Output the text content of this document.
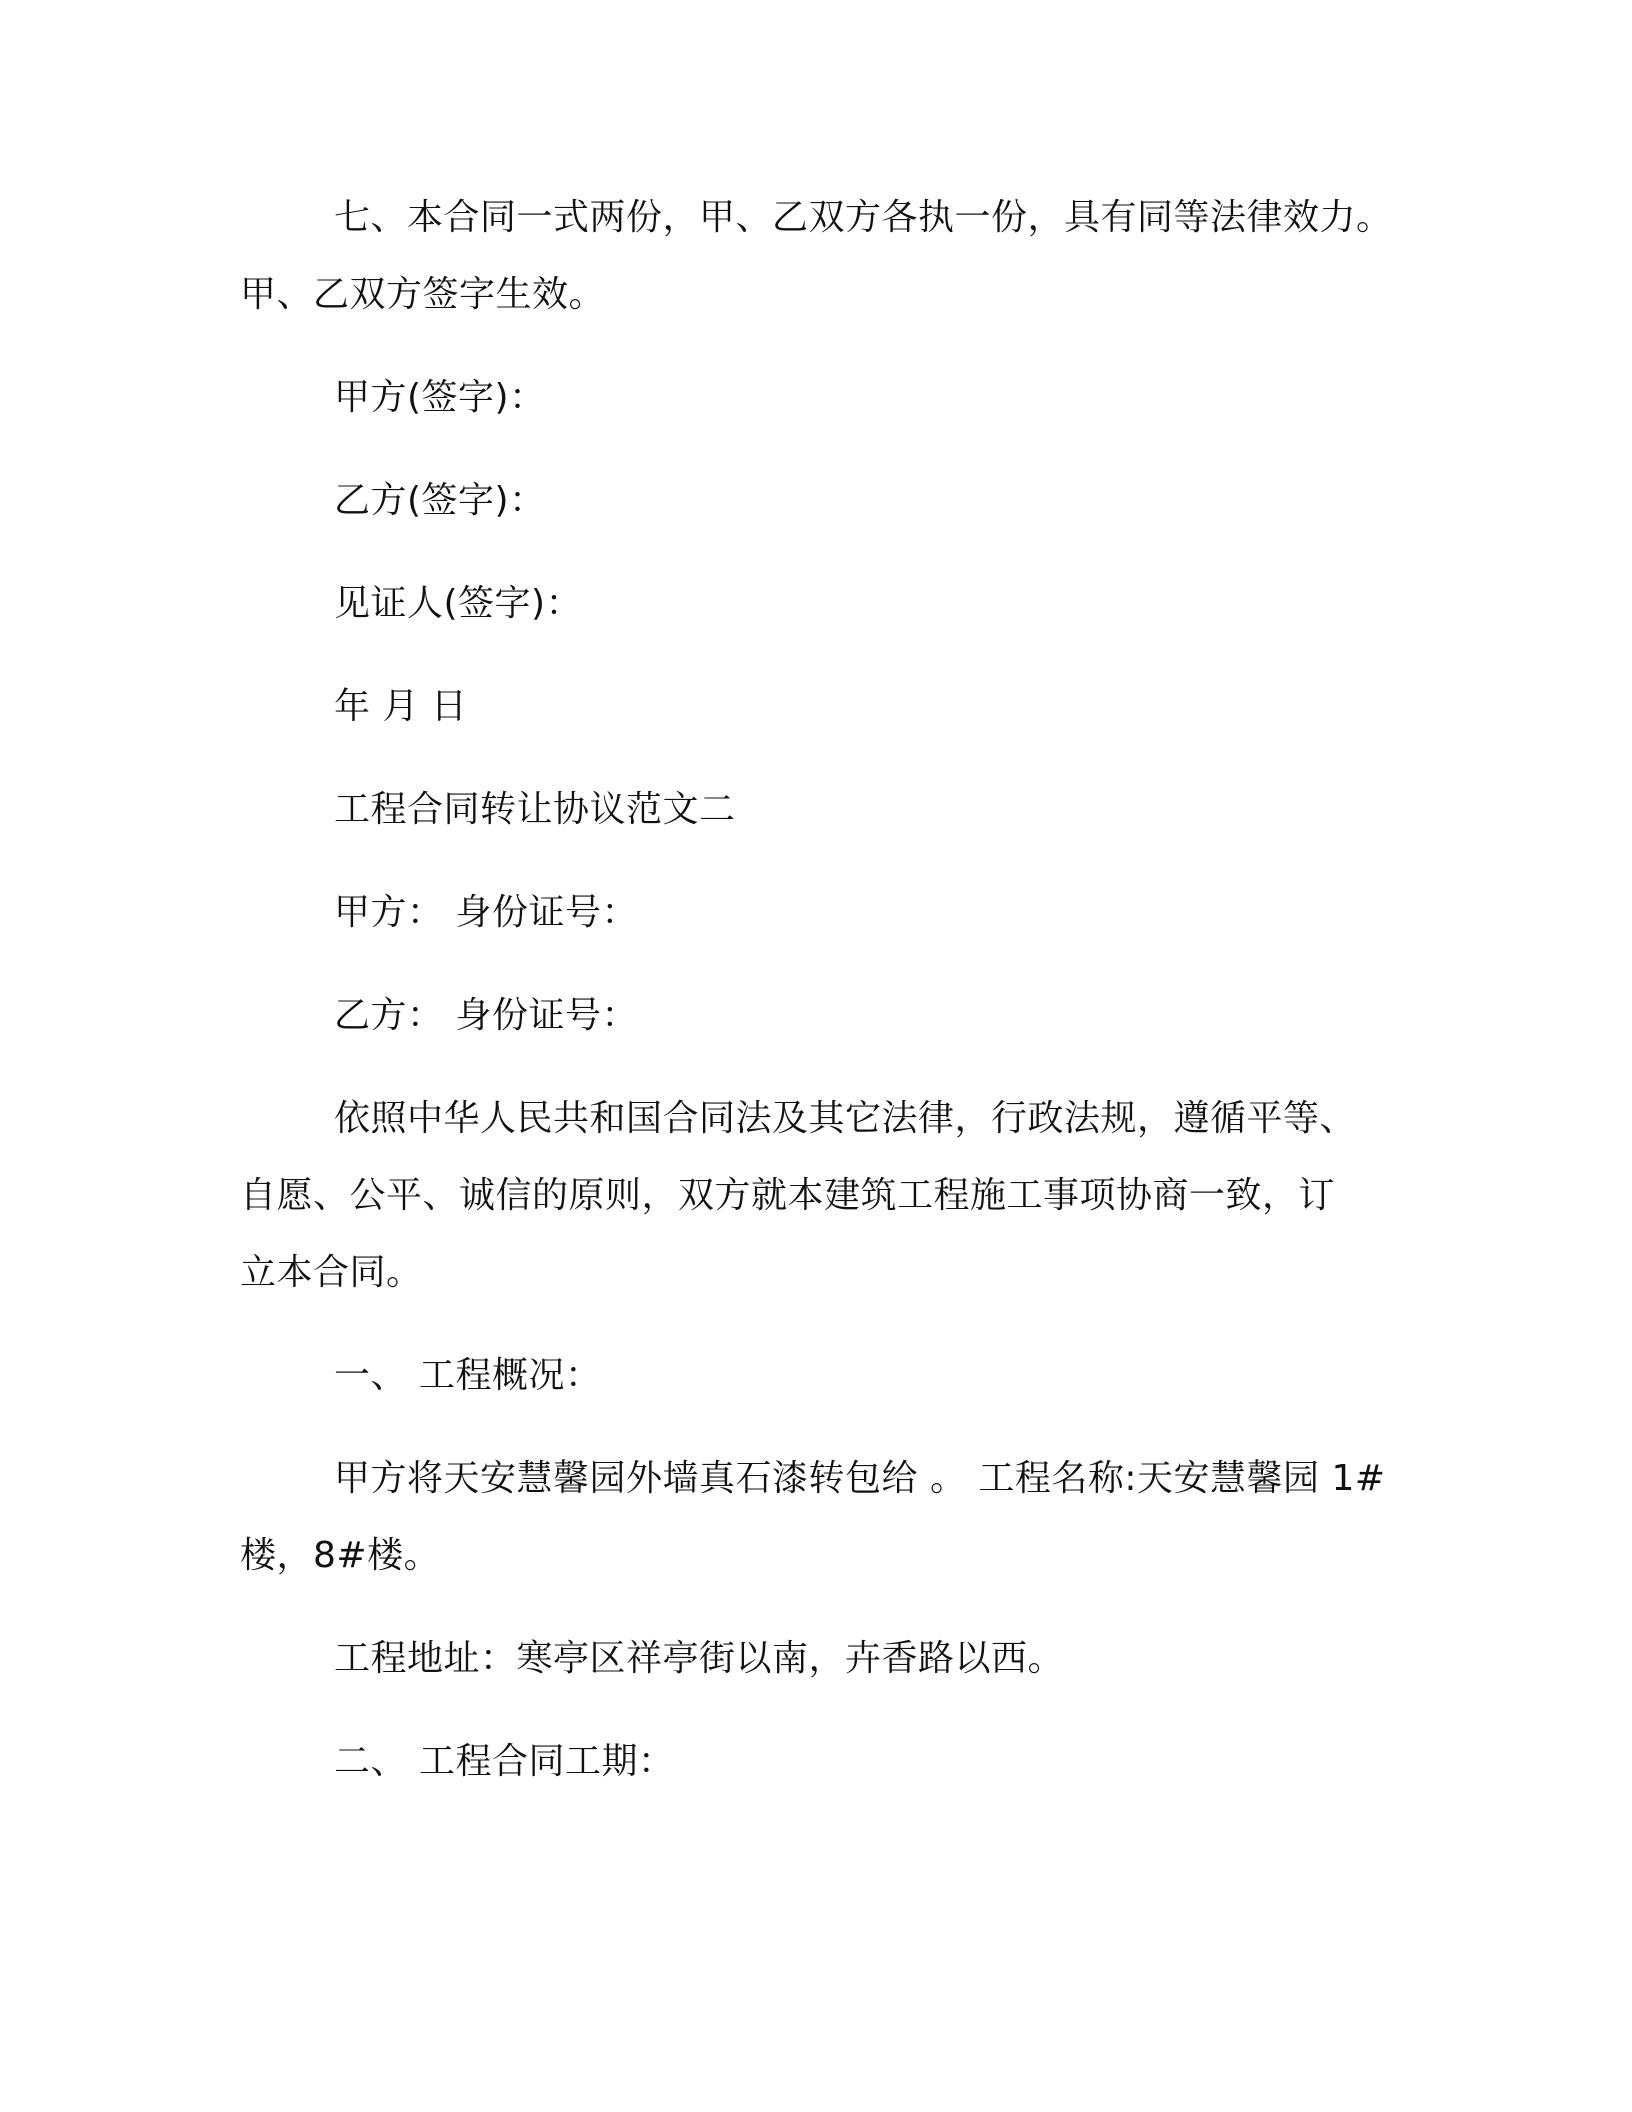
七、本合同一式两份，甲、乙双方各执一份，具有同等法律效力。
甲、乙双方签字生效。
甲方(签字)：
乙方(签字)：
见证人(签字)：
年 月 日
工程合同转让协议范文二
甲方： 身份证号：
乙方： 身份证号：
依照中华人民共和国合同法及其它法律，行政法规，遵循平等、
自愿、公平、诚信的原则，双方就本建筑工程施工事项协商一致，订
立本合同。
一、 工程概况：
甲方将天安慧馨园外墙真石漆转包给 。 工程名称:天安慧馨园 1#
楼，8#楼。
工程地址：寒亭区祥亭街以南，卉香路以西。
二、 工程合同工期：
